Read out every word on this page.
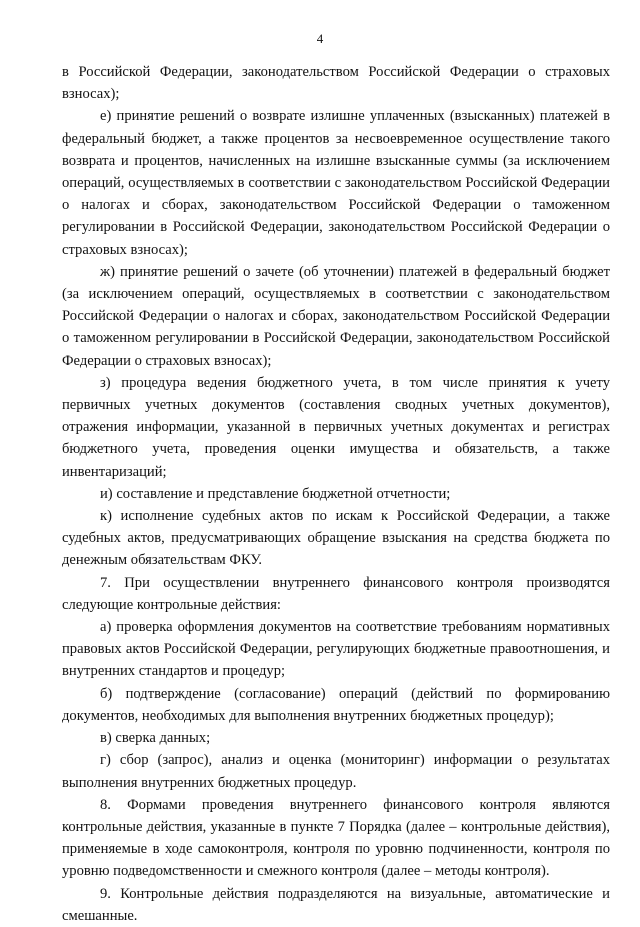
4

в Российской Федерации, законодательством Российской Федерации о страховых взносах);

е) принятие решений о возврате излишне уплаченных (взысканных) платежей в федеральный бюджет, а также процентов за несвоевременное осуществление такого возврата и процентов, начисленных на излишне взысканные суммы (за исключением операций, осуществляемых в соответствии с законодательством Российской Федерации о налогах и сборах, законодательством Российской Федерации о таможенном регулировании в Российской Федерации, законодательством Российской Федерации о страховых взносах);

ж) принятие решений о зачете (об уточнении) платежей в федеральный бюджет (за исключением операций, осуществляемых в соответствии с законодательством Российской Федерации о налогах и сборах, законодательством Российской Федерации о таможенном регулировании в Российской Федерации, законодательством Российской Федерации о страховых взносах);

з) процедура ведения бюджетного учета, в том числе принятия к учету первичных учетных документов (составления сводных учетных документов), отражения информации, указанной в первичных учетных документах и регистрах бюджетного учета, проведения оценки имущества и обязательств, а также инвентаризаций;

и) составление и представление бюджетной отчетности;

к) исполнение судебных актов по искам к Российской Федерации, а также судебных актов, предусматривающих обращение взыскания на средства бюджета по денежным обязательствам ФКУ.

7. При осуществлении внутреннего финансового контроля производятся следующие контрольные действия:

а) проверка оформления документов на соответствие требованиям нормативных правовых актов Российской Федерации, регулирующих бюджетные правоотношения, и внутренних стандартов и процедур;

б) подтверждение (согласование) операций (действий по формированию документов, необходимых для выполнения внутренних бюджетных процедур);

в) сверка данных;

г) сбор (запрос), анализ и оценка (мониторинг) информации о результатах выполнения внутренних бюджетных процедур.

8. Формами проведения внутреннего финансового контроля являются контрольные действия, указанные в пункте 7 Порядка (далее – контрольные действия), применяемые в ходе самоконтроля, контроля по уровню подчиненности, контроля по уровню подведомственности и смежного контроля (далее – методы контроля).

9. Контрольные действия подразделяются на визуальные, автоматические и смешанные.
